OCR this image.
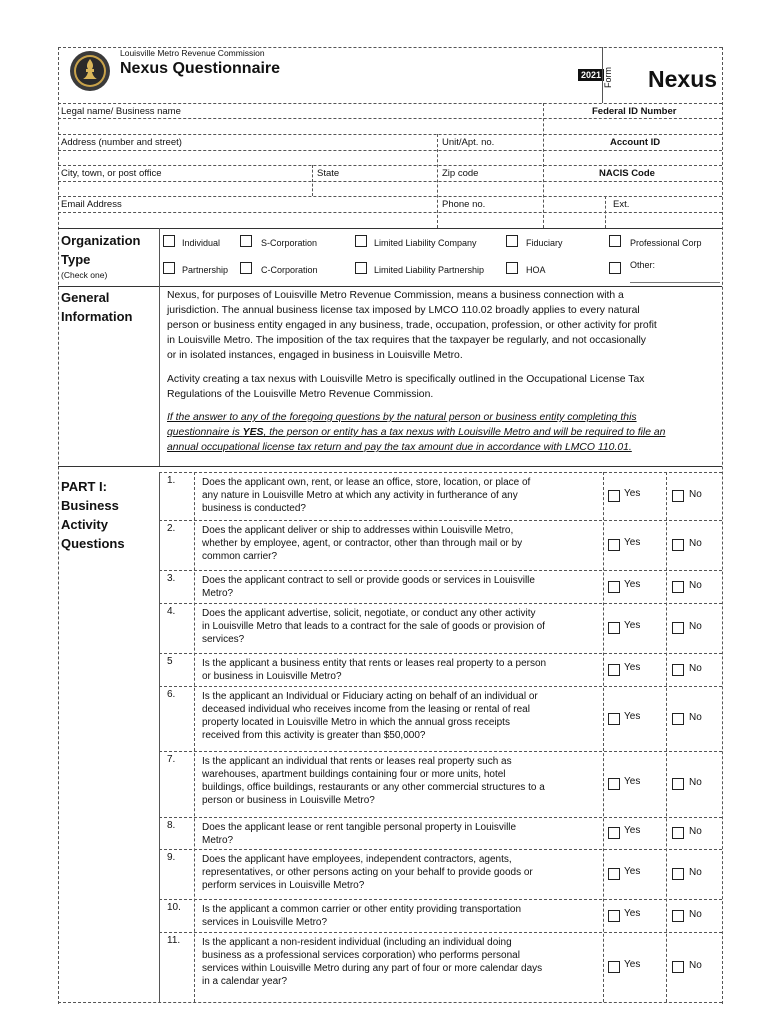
Louisville Metro Revenue Commission
Nexus Questionnaire	2021 Form Nexus
Legal name/ Business name	Federal ID Number
Address (number and street)	Unit/Apt. no.	Account ID
City, town, or post office	State	Zip code	NACIS Code
Email Address	Phone no.	Ext.
Organization
Type
(Check one)
Individual	S-Corporation	Limited Liability Company	Fiduciary	Professional Corp
Partnership	C-Corporation	Limited Liability Partnership	HOA	Other:
General
Information
Nexus, for purposes of Louisville Metro Revenue Commission, means a business connection with a
jurisdiction. The annual business license tax imposed by LMCO 110.02 broadly applies to every natural
person or business entity engaged in any business, trade, occupation, profession, or other activity for profit
in Louisville Metro. The imposition of the tax requires that the taxpayer be regularly, and not occasionally
or in isolated instances, engaged in business in Louisville Metro.
Activity creating a tax nexus with Louisville Metro is specifically outlined in the Occupational License Tax
Regulations of the Louisville Metro Revenue Commission.
If the answer to any of the foregoing questions by the natural person or business entity completing this
questionnaire is YES, the person or entity has a tax nexus with Louisville Metro and will be required to file an
annual occupational license tax return and pay the tax amount due in accordance with LMCO 110.01.
PART I:
Business
Activity
Questions
1.	Does the applicant own, rent, or lease an office, store, location, or place of
any nature in Louisville Metro at which any activity in furtherance of any
business is conducted?
Yes	No
2.	Does the applicant deliver or ship to addresses within Louisville Metro,
whether by employee, agent, or contractor, other than through mail or by
common carrier?
Yes	No
3.	Does the applicant contract to sell or provide goods or services in Louisville
Metro?
Yes	No
4.	Does the applicant advertise, solicit, negotiate, or conduct any other activity
in Louisville Metro that leads to a contract for the sale of goods or provision of
services?
Yes	No
5	Is the applicant a business entity that rents or leases real property to a person
or business in Louisville Metro?
Yes	No
6.	Is the applicant an Individual or Fiduciary acting on behalf of an individual or
deceased individual who receives income from the leasing or rental of real
property located in Louisville Metro in which the annual gross receipts
received from this activity is greater than $50,000?
Yes	No
7.	Is the applicant an individual that rents or leases real property such as
warehouses, apartment buildings containing four or more units, hotel
buildings, office buildings, restaurants or any other commercial structures to a
person or business in Louisville Metro?
Yes	No
8.	Does the applicant lease or rent tangible personal property in Louisville
Metro?
Yes	No
9.	Does the applicant have employees, independent contractors, agents,
representatives, or other persons acting on your behalf to provide goods or
perform services in Louisville Metro?
Yes	No
10. Is the applicant a common carrier or other entity providing transportation
services in Louisville Metro?
Yes	No
11. Is the applicant a non-resident individual (including an individual doing
business as a professional services corporation) who performs personal
services within Louisville Metro during any part of four or more calendar days
in a calendar year?
Yes	No
